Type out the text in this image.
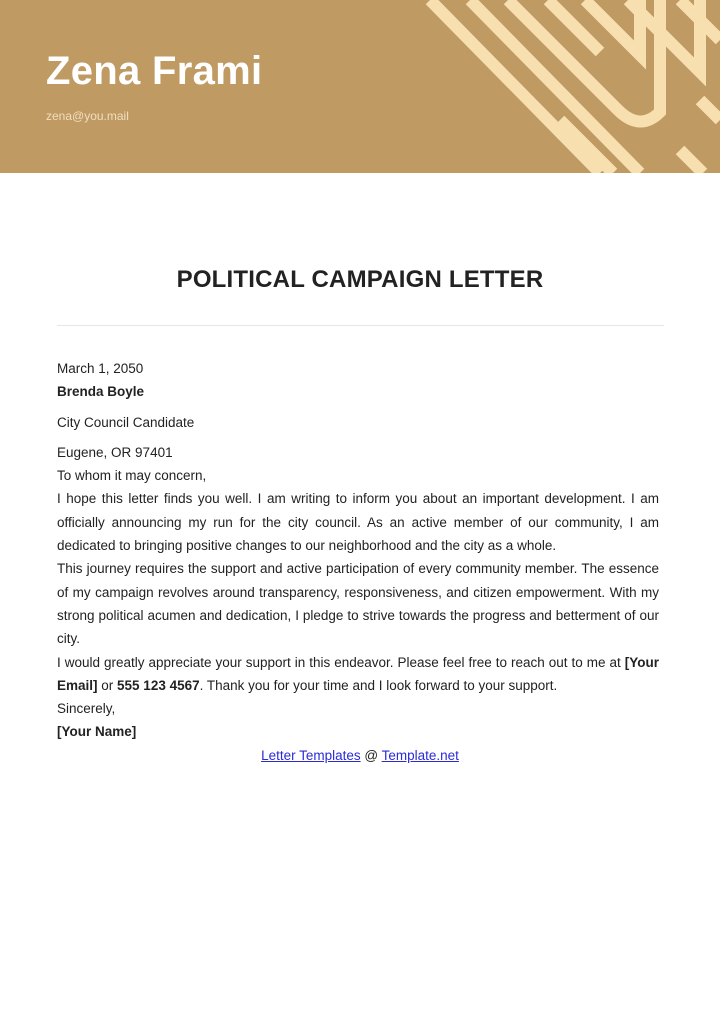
Zena Frami
zena@you.mail
POLITICAL CAMPAIGN LETTER
March 1, 2050
Brenda Boyle
City Council Candidate
Eugene, OR 97401
To whom it may concern,
I hope this letter finds you well. I am writing to inform you about an important development. I am officially announcing my run for the city council. As an active member of our community, I am dedicated to bringing positive changes to our neighborhood and the city as a whole.
This journey requires the support and active participation of every community member. The essence of my campaign revolves around transparency, responsiveness, and citizen empowerment. With my strong political acumen and dedication, I pledge to strive towards the progress and betterment of our city.
I would greatly appreciate your support in this endeavor. Please feel free to reach out to me at [Your Email] or 555 123 4567. Thank you for your time and I look forward to your support.
Sincerely,
[Your Name]
Letter Templates @ Template.net
